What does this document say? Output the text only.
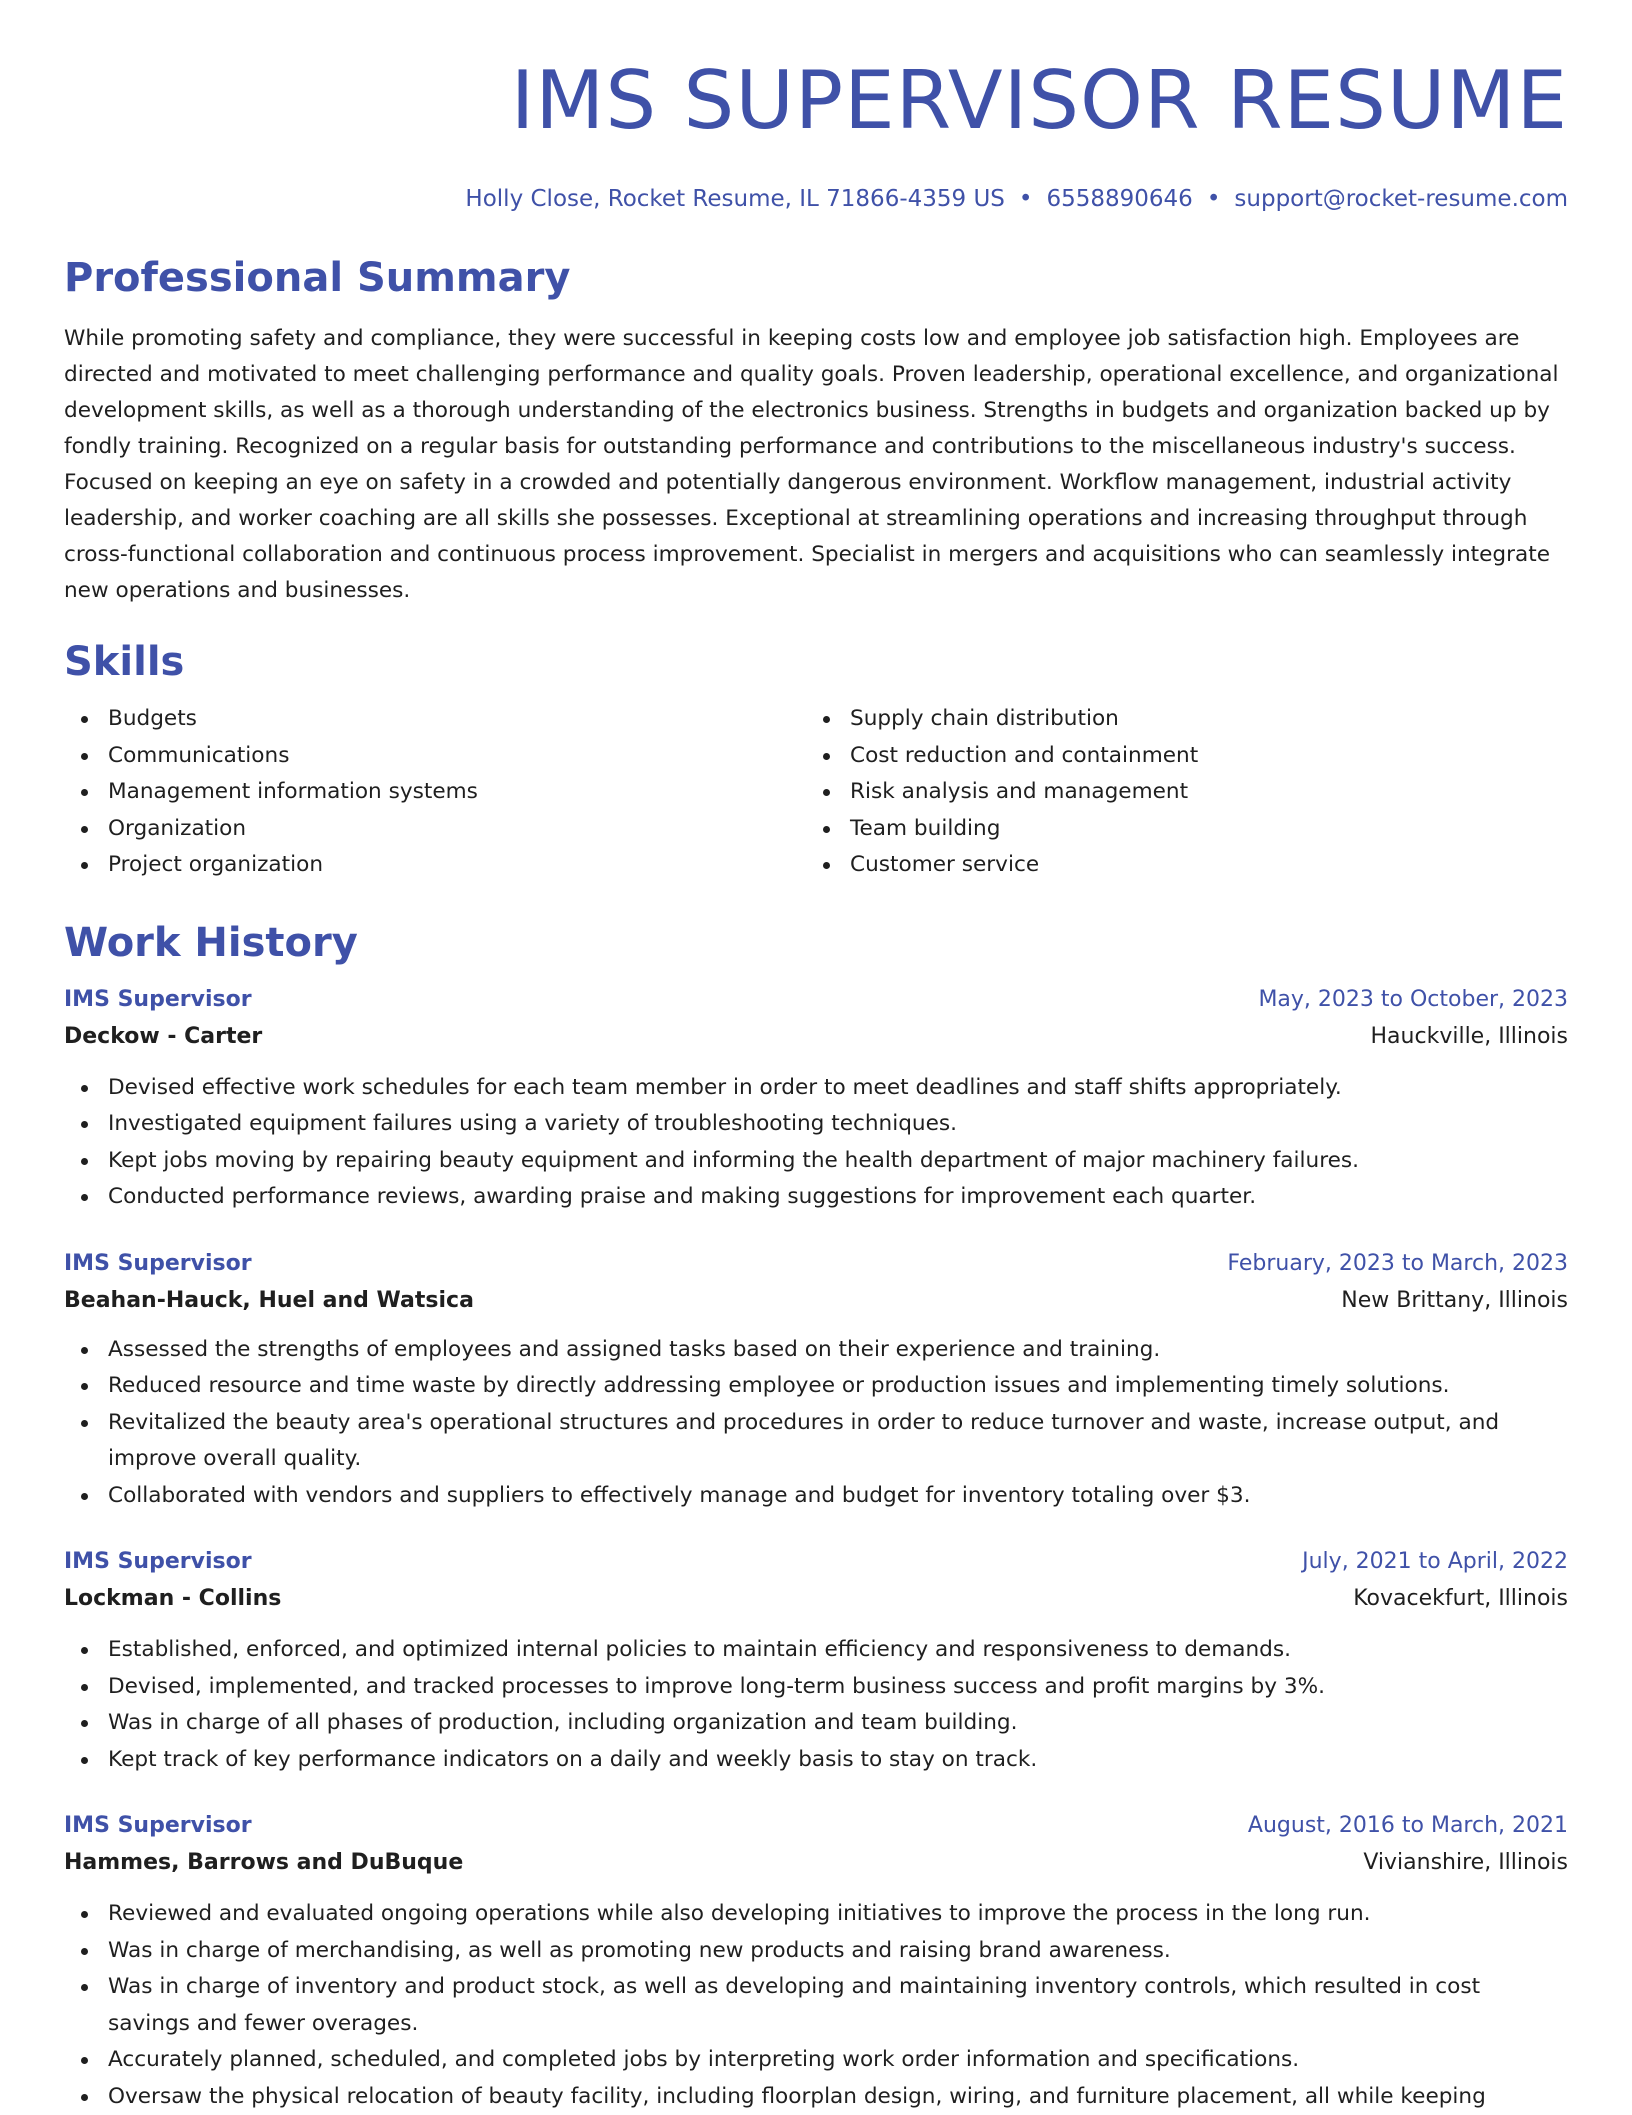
IMS SUPERVISOR RESUME
Holly Close, Rocket Resume, IL 71866-4359 US • 6558890646 • support@rocket-resume.com
Professional Summary
While promoting safety and compliance, they were successful in keeping costs low and employee job satisfaction high. Employees are directed and motivated to meet challenging performance and quality goals. Proven leadership, operational excellence, and organizational development skills, as well as a thorough understanding of the electronics business. Strengths in budgets and organization backed up by fondly training. Recognized on a regular basis for outstanding performance and contributions to the miscellaneous industry's success. Focused on keeping an eye on safety in a crowded and potentially dangerous environment. Workflow management, industrial activity leadership, and worker coaching are all skills she possesses. Exceptional at streamlining operations and increasing throughput through cross-functional collaboration and continuous process improvement. Specialist in mergers and acquisitions who can seamlessly integrate new operations and businesses.
Skills
Budgets
Communications
Management information systems
Organization
Project organization
Supply chain distribution
Cost reduction and containment
Risk analysis and management
Team building
Customer service
Work History
IMS Supervisor	May, 2023 to October, 2023
Deckow - Carter	Hauckville, Illinois
Devised effective work schedules for each team member in order to meet deadlines and staff shifts appropriately.
Investigated equipment failures using a variety of troubleshooting techniques.
Kept jobs moving by repairing beauty equipment and informing the health department of major machinery failures.
Conducted performance reviews, awarding praise and making suggestions for improvement each quarter.
IMS Supervisor	February, 2023 to March, 2023
Beahan-Hauck, Huel and Watsica	New Brittany, Illinois
Assessed the strengths of employees and assigned tasks based on their experience and training.
Reduced resource and time waste by directly addressing employee or production issues and implementing timely solutions.
Revitalized the beauty area's operational structures and procedures in order to reduce turnover and waste, increase output, and improve overall quality.
Collaborated with vendors and suppliers to effectively manage and budget for inventory totaling over $3.
IMS Supervisor	July, 2021 to April, 2022
Lockman - Collins	Kovacekfurt, Illinois
Established, enforced, and optimized internal policies to maintain efficiency and responsiveness to demands.
Devised, implemented, and tracked processes to improve long-term business success and profit margins by 3%.
Was in charge of all phases of production, including organization and team building.
Kept track of key performance indicators on a daily and weekly basis to stay on track.
IMS Supervisor	August, 2016 to March, 2021
Hammes, Barrows and DuBuque	Vivianshire, Illinois
Reviewed and evaluated ongoing operations while also developing initiatives to improve the process in the long run.
Was in charge of merchandising, as well as promoting new products and raising brand awareness.
Was in charge of inventory and product stock, as well as developing and maintaining inventory controls, which resulted in cost savings and fewer overages.
Accurately planned, scheduled, and completed jobs by interpreting work order information and specifications.
Oversaw the physical relocation of beauty facility, including floorplan design, wiring, and furniture placement, all while keeping
